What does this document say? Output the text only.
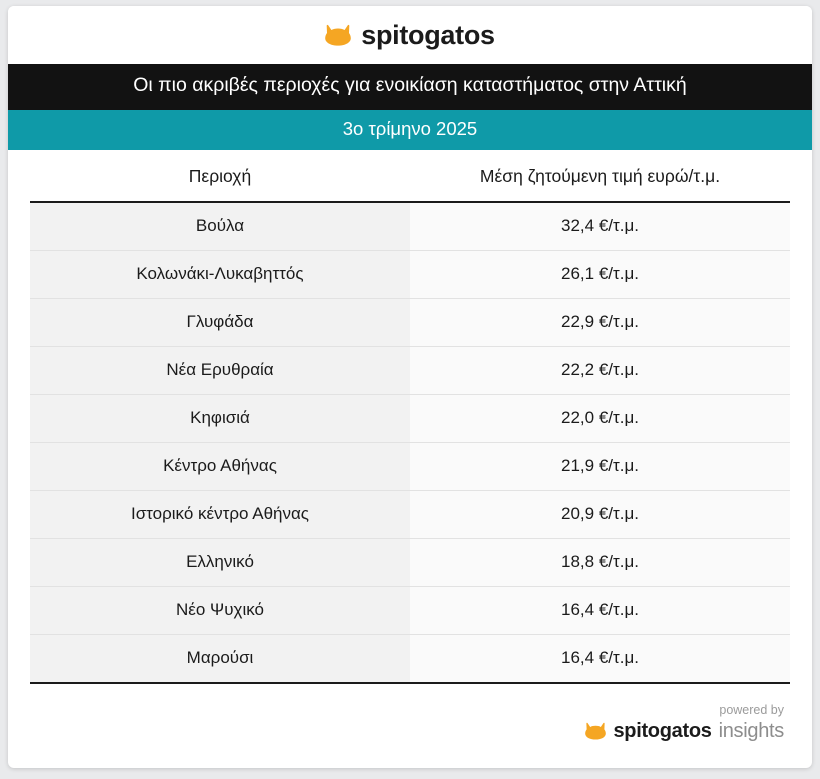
spitogatos
Οι πιο ακριβές περιοχές για ενοικίαση καταστήματος στην Αττική
3ο τρίμηνο 2025
Περιοχή	Μέση ζητούμενη τιμή ευρώ/τ.μ.
Βούλα	32,4 €/τ.μ.
Κολωνάκι-Λυκαβηττός	26,1 €/τ.μ.
Γλυφάδα	22,9 €/τ.μ.
Νέα Ερυθραία	22,2 €/τ.μ.
Κηφισιά	22,0 €/τ.μ.
Κέντρο Αθήνας	21,9 €/τ.μ.
Ιστορικό κέντρο Αθήνας	20,9 €/τ.μ.
Ελληνικό	18,8 €/τ.μ.
Νέο Ψυχικό	16,4 €/τ.μ.
Μαρούσι	16,4 €/τ.μ.
powered by
spitogatos insights
